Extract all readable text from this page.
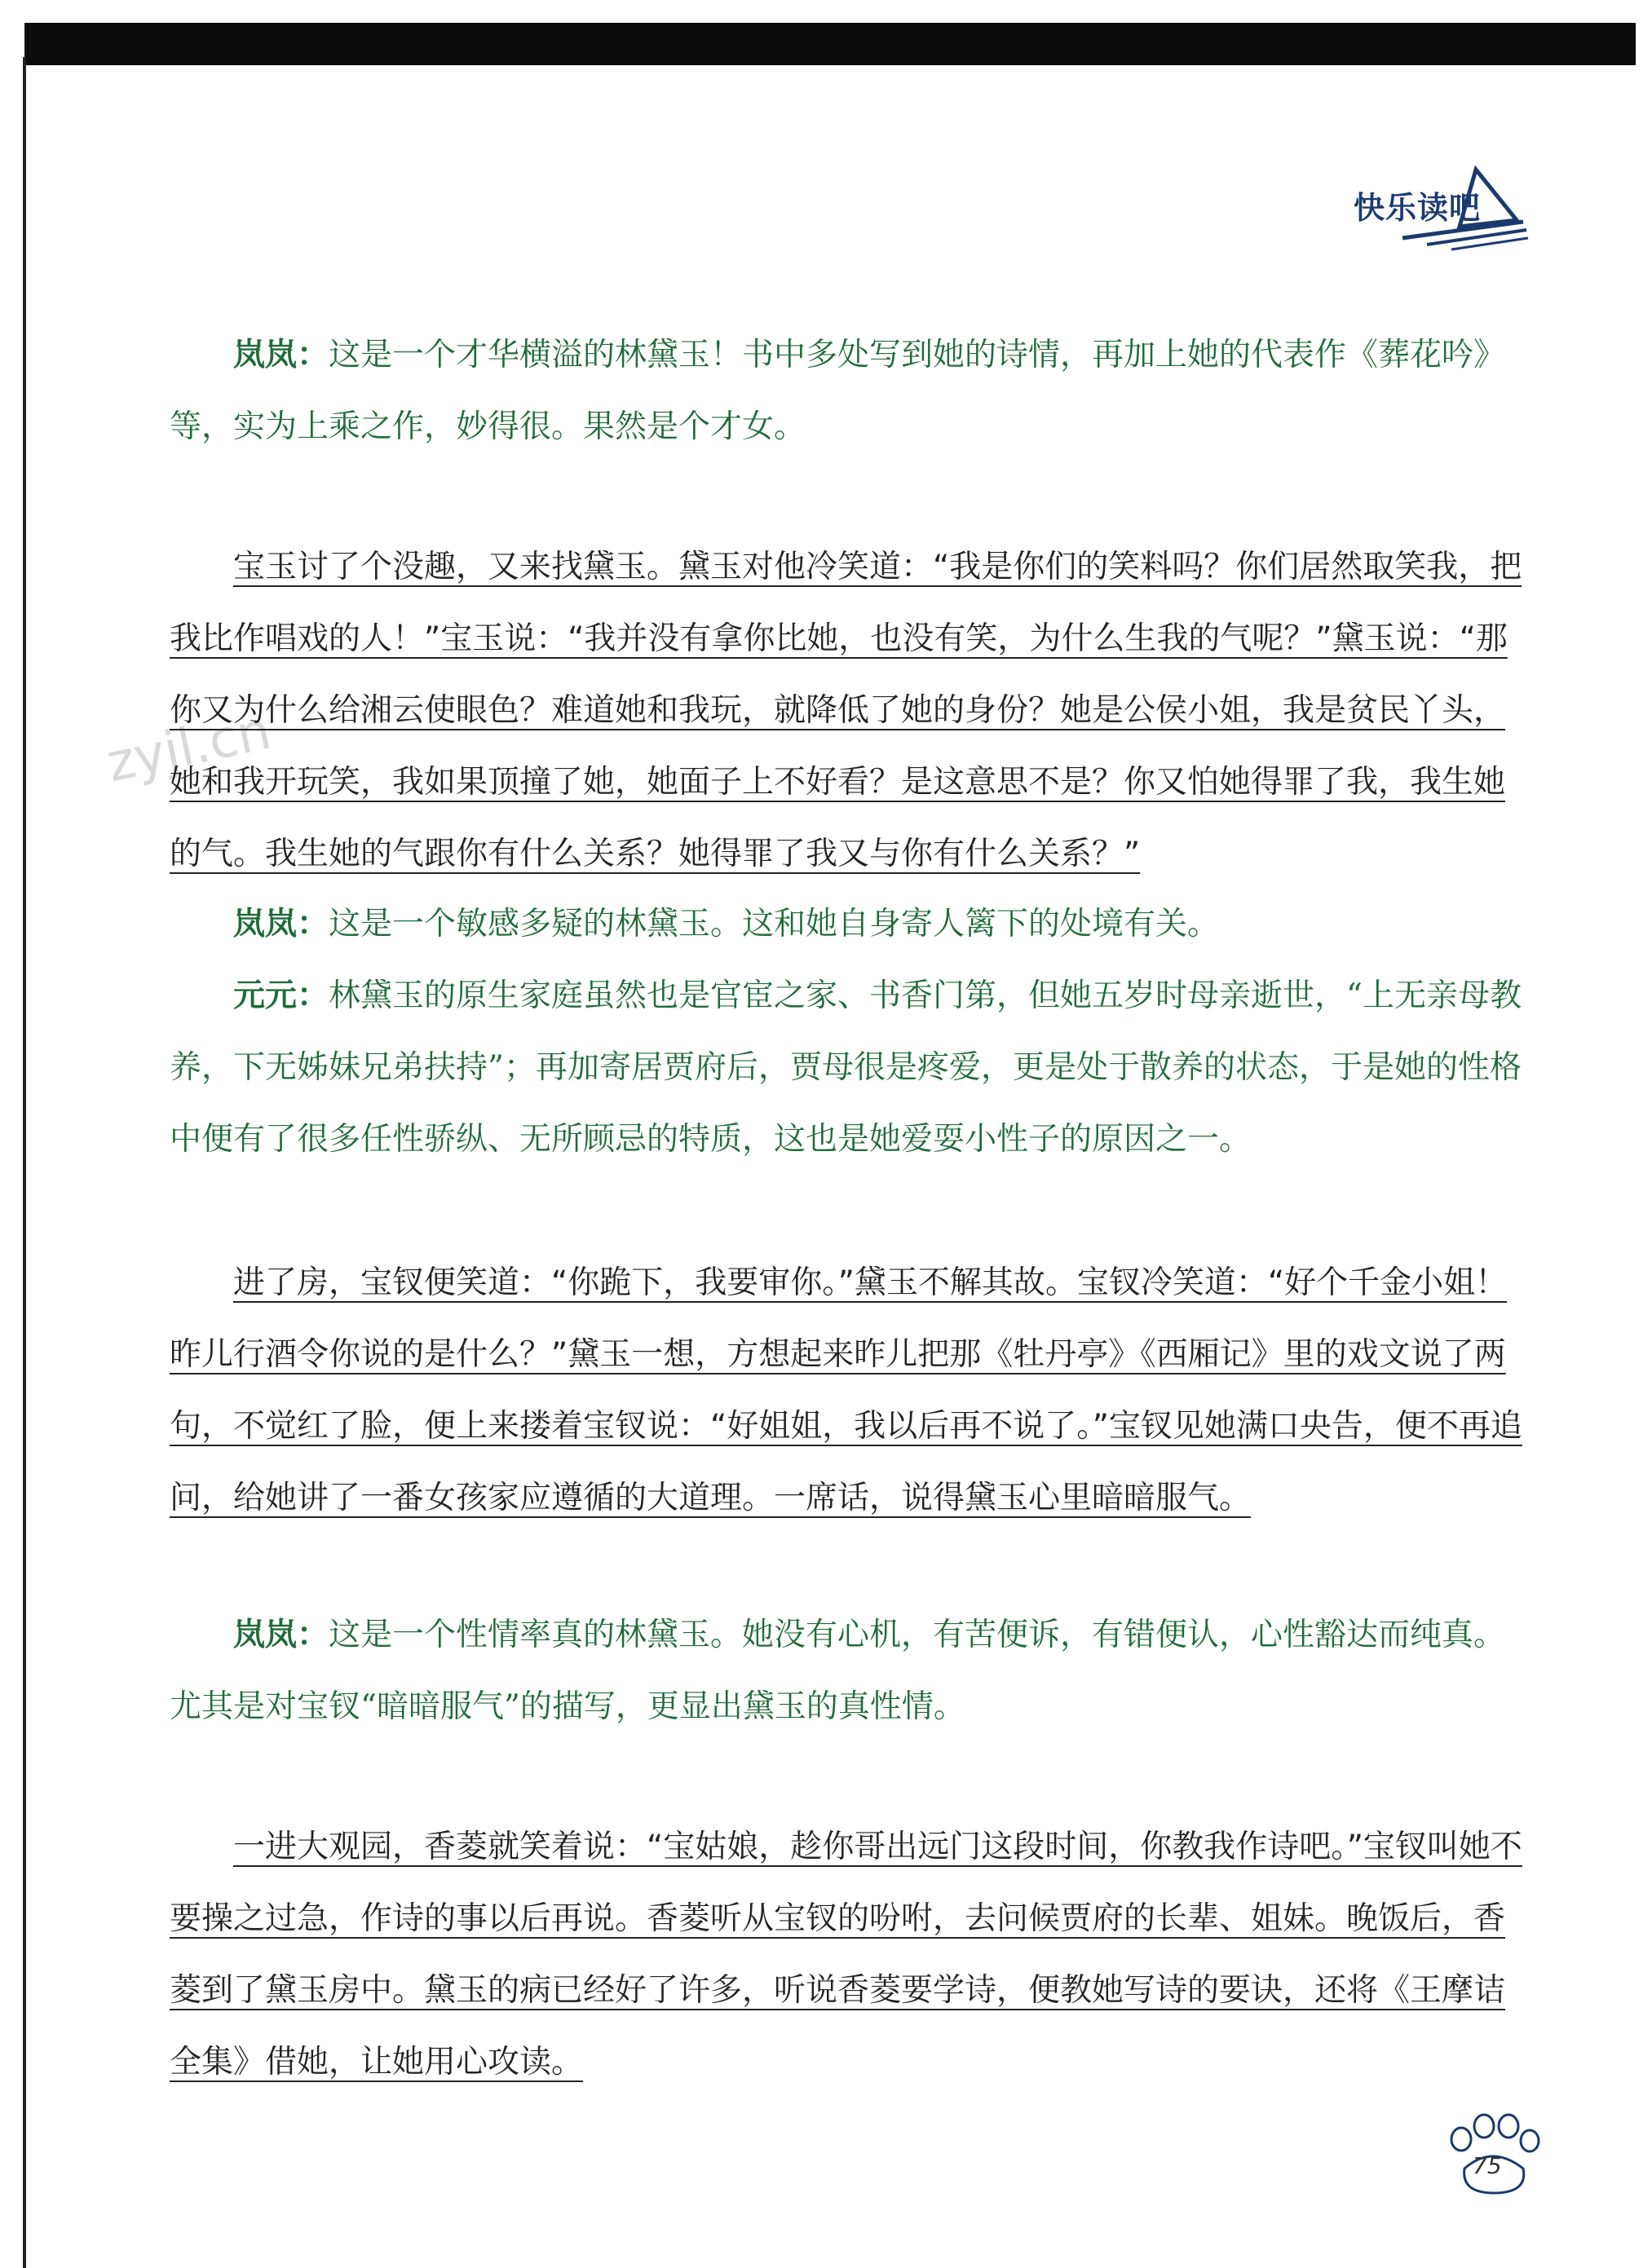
快乐读吧
zyjl.cn

岚岚：这是一个才华横溢的林黛玉！书中多处写到她的诗情，再加上她的代表作《葬花吟》等，实为上乘之作，妙得很。果然是个才女。

宝玉讨了个没趣，又来找黛玉。黛玉对他冷笑道：“我是你们的笑料吗？你们居然取笑我，把我比作唱戏的人！”宝玉说：“我并没有拿你比她，也没有笑，为什么生我的气呢？”黛玉说：“那你又为什么给湘云使眼色？难道她和我玩，就降低了她的身份？她是公侯小姐，我是贫民丫头，她和我开玩笑，我如果顶撞了她，她面子上不好看？是这意思不是？你又怕她得罪了我，我生她的气。我生她的气跟你有什么关系？她得罪了我又与你有什么关系？”

岚岚：这是一个敏感多疑的林黛玉。这和她自身寄人篱下的处境有关。

元元：林黛玉的原生家庭虽然也是官宦之家、书香门第，但她五岁时母亲逝世，“上无亲母教养，下无姊妹兄弟扶持”；再加寄居贾府后，贾母很是疼爱，更是处于散养的状态，于是她的性格中便有了很多任性骄纵、无所顾忌的特质，这也是她爱耍小性子的原因之一。

进了房，宝钗便笑道：“你跪下，我要审你。”黛玉不解其故。宝钗冷笑道：“好个千金小姐！昨儿行酒令你说的是什么？”黛玉一想，方想起来昨儿把那《牡丹亭》《西厢记》里的戏文说了两句，不觉红了脸，便上来搂着宝钗说：“好姐姐，我以后再不说了。”宝钗见她满口央告，便不再追问，给她讲了一番女孩家应遵循的大道理。一席话，说得黛玉心里暗暗服气。

岚岚：这是一个性情率真的林黛玉。她没有心机，有苦便诉，有错便认，心性豁达而纯真。尤其是对宝钗“暗暗服气”的描写，更显出黛玉的真性情。

一进大观园，香菱就笑着说：“宝姑娘，趁你哥出远门这段时间，你教我作诗吧。”宝钗叫她不要操之过急，作诗的事以后再说。香菱听从宝钗的吩咐，去问候贾府的长辈、姐妹。晚饭后，香菱到了黛玉房中。黛玉的病已经好了许多，听说香菱要学诗，便教她写诗的要诀，还将《王摩诘全集》借她，让她用心攻读。

75
